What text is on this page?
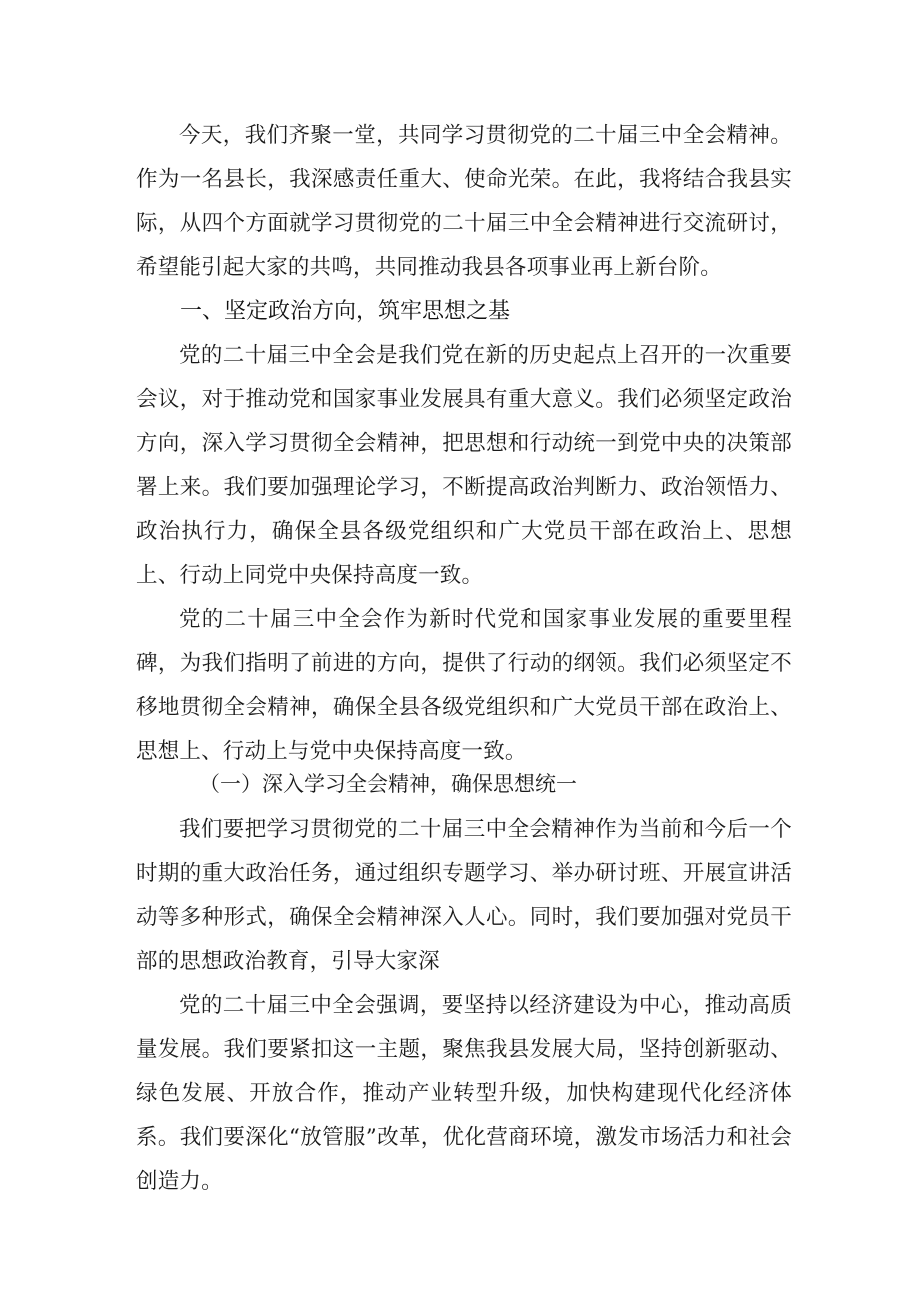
今天，我们齐聚一堂，共同学习贯彻党的二十届三中全会精神。作为一名县长，我深感责任重大、使命光荣。在此，我将结合我县实际，从四个方面就学习贯彻党的二十届三中全会精神进行交流研讨，希望能引起大家的共鸣，共同推动我县各项事业再上新台阶。

一、坚定政治方向，筑牢思想之基

党的二十届三中全会是我们党在新的历史起点上召开的一次重要会议，对于推动党和国家事业发展具有重大意义。我们必须坚定政治方向，深入学习贯彻全会精神，把思想和行动统一到党中央的决策部署上来。我们要加强理论学习，不断提高政治判断力、政治领悟力、政治执行力，确保全县各级党组织和广大党员干部在政治上、思想上、行动上同党中央保持高度一致。

党的二十届三中全会作为新时代党和国家事业发展的重要里程碑，为我们指明了前进的方向，提供了行动的纲领。我们必须坚定不移地贯彻全会精神，确保全县各级党组织和广大党员干部在政治上、思想上、行动上与党中央保持高度一致。

（一）深入学习全会精神，确保思想统一

我们要把学习贯彻党的二十届三中全会精神作为当前和今后一个时期的重大政治任务，通过组织专题学习、举办研讨班、开展宣讲活动等多种形式，确保全会精神深入人心。同时，我们要加强对党员干部的思想政治教育，引导大家深

党的二十届三中全会强调，要坚持以经济建设为中心，推动高质量发展。我们要紧扣这一主题，聚焦我县发展大局，坚持创新驱动、绿色发展、开放合作，推动产业转型升级，加快构建现代化经济体系。我们要深化“放管服”改革，优化营商环境，激发市场活力和社会创造力。
